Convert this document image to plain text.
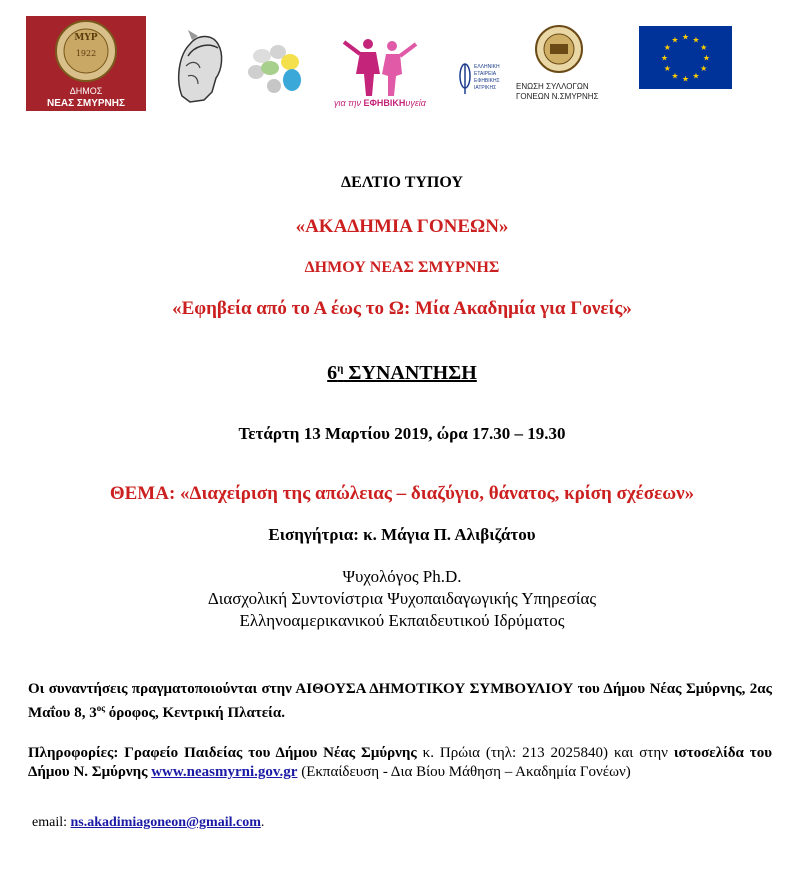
ΜΥΡ
1922
ΔΗΜΟΣ
ΝΕΑΣ ΣΜΥΡΝΗΣ	για την ΕΦΗΒΙΚΗυγεία
ΕΛΛΗΝΙΚΗ
ΕΤΑΙΡΕΙΑ
ΕΦΗΒΙΚΗΣ
ΙΑΤΡΙΚΗΣ	ΕΝΩΣΗ ΣΥΛΛΟΓΩΝ
ΓΟΝΕΩΝ Ν.ΣΜΥΡΝΗΣ
★ ★
★
★
★
★
★
★
★
★
★
★
ΔΕΛΤΙΟ ΤΥΠΟΥ
«ΑΚΑΔΗΜΙΑ ΓΟΝΕΩΝ»
ΔΗΜΟΥ ΝΕΑΣ ΣΜΥΡΝΗΣ
«Εφηβεία από το Α έως το Ω: Μία Ακαδημία για Γονείς»
$6^\eta$ ΣΥΝΑΝΤΗΣΗ
Τετάρτη 13 Μαρτίου 2019, ώρα 17.30 – 19.30
ΘΕΜΑ: «Διαχείριση της απώλειας – διαζύγιο, θάνατος, κρίση σχέσεων»
Εισηγήτρια: κ. Μάγια Π. Αλιβιζάτου
Ψυχολόγος Ph.D.
Διασχολική Συντονίστρια Ψυχοπαιδαγωγικής Υπηρεσίας
Ελληνοαμερικανικού Εκπαιδευτικού Ιδρύματος
Οι συναντήσεις πραγματοποιούνται στην ΑΙΘΟΥΣΑ ΔΗΜΟΤΙΚΟΥ ΣΥΜΒΟΥΛΙΟΥ του Δήμου Νέας Σμύρνης, 2ας Μαΐου 8, $3^{o\varsigma}$ όροφος, Κεντρική Πλατεία.
Πληροφορίες: Γραφείο Παιδείας του Δήμου Νέας Σμύρνης κ. Πρώια (τηλ: 213 2025840) και στην ιστοσελίδα του Δήμου Ν. Σμύρνης www.neasmyrni.gov.gr (Εκπαίδευση - Δια Βίου Μάθηση – Ακαδημία Γονέων)
email: ns.akadimiagoneon@gmail.com.
